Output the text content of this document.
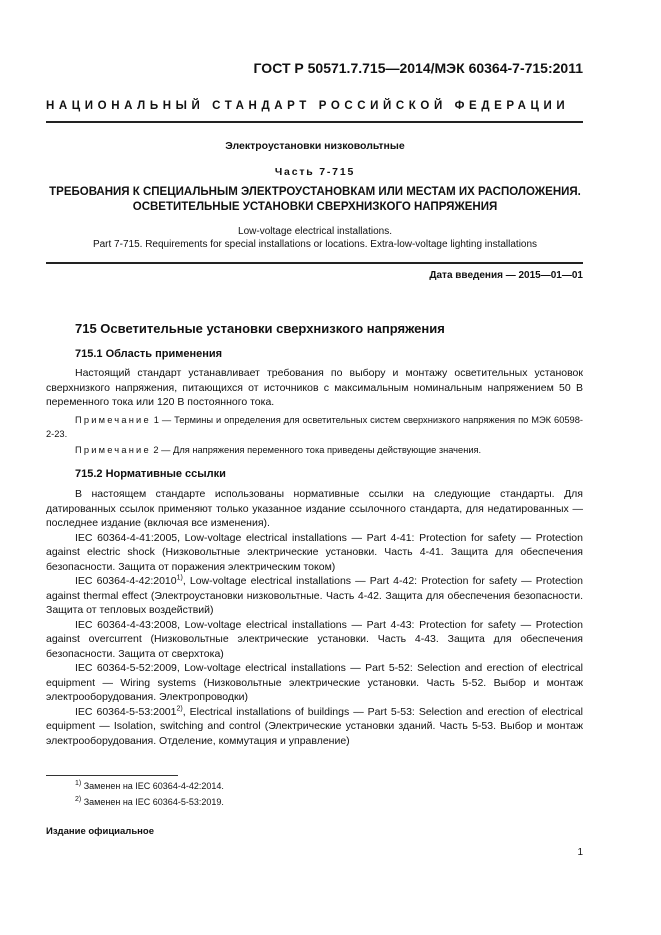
ГОСТ Р 50571.7.715—2014/МЭК 60364-7-715:2011
НАЦИОНАЛЬНЫЙ СТАНДАРТ РОССИЙСКОЙ ФЕДЕРАЦИИ
Электроустановки низковольтные
Часть 7-715
ТРЕБОВАНИЯ К СПЕЦИАЛЬНЫМ ЭЛЕКТРОУСТАНОВКАМ ИЛИ МЕСТАМ ИХ РАСПОЛОЖЕНИЯ.
ОСВЕТИТЕЛЬНЫЕ УСТАНОВКИ СВЕРХНИЗКОГО НАПРЯЖЕНИЯ
Low-voltage electrical installations.
Part 7-715. Requirements for special installations or locations. Extra-low-voltage lighting installations
Дата введения — 2015—01—01
715 Осветительные установки сверхнизкого напряжения
715.1 Область применения

Настоящий стандарт устанавливает требования по выбору и монтажу осветительных установок сверхнизкого напряжения, питающихся от источников с максимальным номинальным напряжением 50 В переменного тока или 120 В постоянного тока.

Примечание 1 — Термины и определения для осветительных систем сверхнизкого напряжения по МЭК 60598-2-23.

Примечание 2 — Для напряжения переменного тока приведены действующие значения.

715.2 Нормативные ссылки

В настоящем стандарте использованы нормативные ссылки на следующие стандарты. Для датированных ссылок применяют только указанное издание ссылочного стандарта, для недатированных — последнее издание (включая все изменения).

IEC 60364-4-41:2005, Low-voltage electrical installations — Part 4-41: Protection for safety — Protection against electric shock (Низковольтные электрические установки. Часть 4-41. Защита для обеспечения безопасности. Защита от поражения электрическим током)

IEC 60364-4-42:2010$^{1)}$, Low-voltage electrical installations — Part 4-42: Protection for safety — Protection against thermal effect (Электроустановки низковольтные. Часть 4-42. Защита для обеспечения безопасности. Защита от тепловых воздействий)

IEC 60364-4-43:2008, Low-voltage electrical installations — Part 4-43: Protection for safety — Protection against overcurrent (Низковольтные электрические установки. Часть 4-43. Защита для обеспечения безопасности. Защита от сверхтока)

IEC 60364-5-52:2009, Low-voltage electrical installations — Part 5-52: Selection and erection of electrical equipment — Wiring systems (Низковольтные электрические установки. Часть 5-52. Выбор и монтаж электрооборудования. Электропроводки)

IEC 60364-5-53:2001$^{2)}$, Electrical installations of buildings — Part 5-53: Selection and erection of electrical equipment — Isolation, switching and control (Электрические установки зданий. Часть 5-53. Выбор и монтаж электрооборудования. Отделение, коммутация и управление)

$^{1)}$ Заменен на IEC 60364-4-42:2014.
$^{2)}$ Заменен на IEC 60364-5-53:2019.
Издание официальное
1
